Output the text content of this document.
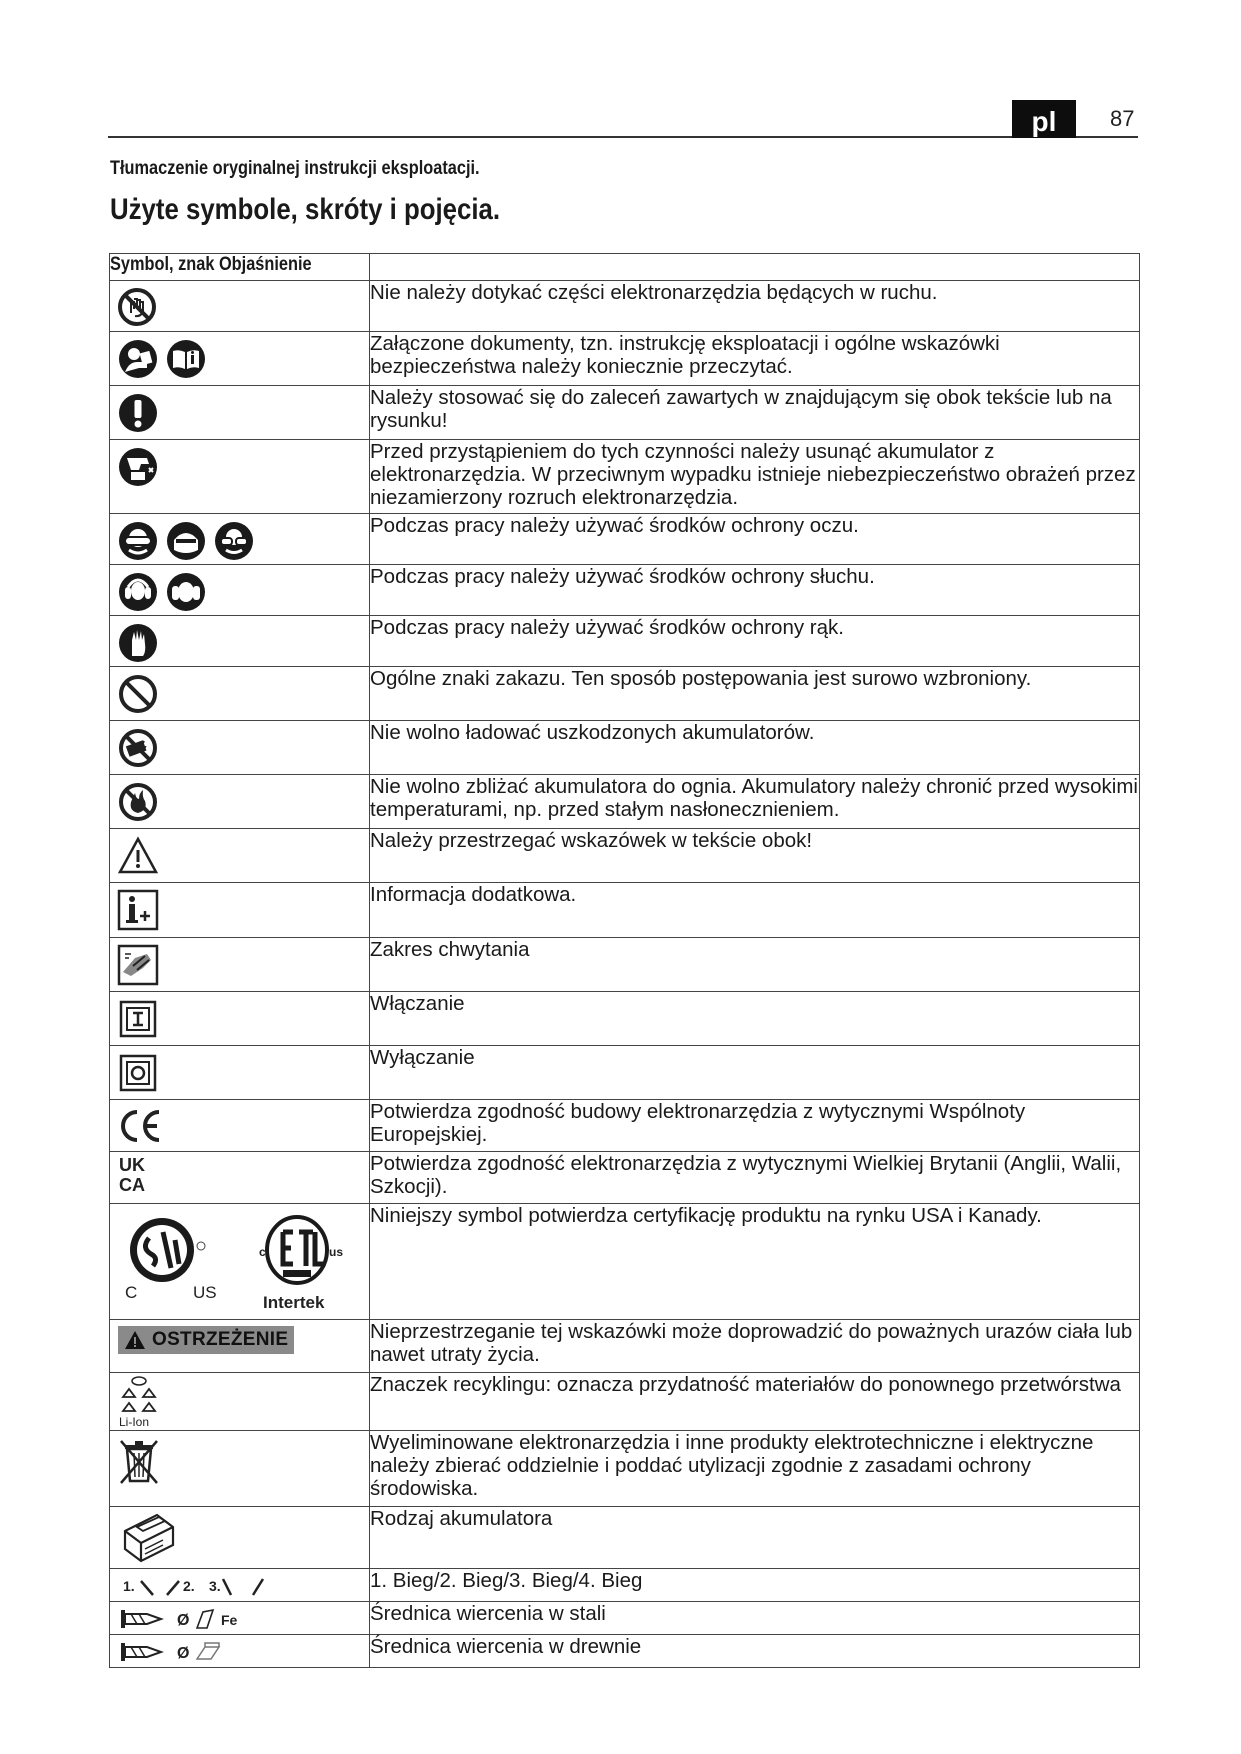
pl	87
Tłumaczenie oryginalnej instrukcji eksploatacji.
Użyte symbole, skróty i pojęcia.
Symbol, znak Objaśnienie	

	Nie należy dotykać części elektronarzędzia będących w ruchu.

	Załączone dokumenty, tzn. instrukcję eksploatacji i ogólne wskazówki bezpieczeństwa należy koniecznie przeczytać.

	Należy stosować się do zaleceń zawartych w znajdującym się obok tekście lub na rysunku!

	Przed przystąpieniem do tych czynności należy usunąć akumulator z elektronarzędzia. W przeciwnym wypadku istnieje niebezpieczeństwo obrażeń przez niezamierzony rozruch elektronarzędzia.

	Podczas pracy należy używać środków ochrony oczu.

	Podczas pracy należy używać środków ochrony słuchu.

	Podczas pracy należy używać środków ochrony rąk.

	Ogólne znaki zakazu. Ten sposób postępowania jest surowo wzbroniony.

	Nie wolno ładować uszkodzonych akumulatorów.

	Nie wolno zbliżać akumulatora do ognia. Akumulatory należy chronić przed wysokimi temperaturami, np. przed stałym nasłonecznieniem.

	Należy przestrzegać wskazówek w tekście obok!

	Informacja dodatkowa.

	Zakres chwytania

	Włączanie

	Wyłączanie

	Potwierdza zgodność budowy elektronarzędzia z wytycznymi Wspólnoty Europejskiej.

UK
CA	Potwierdza zgodność elektronarzędzia z wytycznymi Wielkiej Brytanii (Anglii, Walii, Szkocji).

C US
c us
Intertek	Niniejszy symbol potwierdza certyfikację produktu na rynku USA i Kanady.

OSTRZEŻENIE	Nieprzestrzeganie tej wskazówki może doprowadzić do poważnych urazów ciała lub nawet utraty życia.

Li-Ion	Znaczek recyklingu: oznacza przydatność materiałów do ponownego przetwórstwa

	Wyeliminowane elektronarzędzia i inne produkty elektrotechniczne i elektryczne należy zbierać oddzielnie i poddać utylizacji zgodnie z zasadami ochrony środowiska.

	Rodzaj akumulatora

1. 2. 3.	1. Bieg/2. Bieg/3. Bieg/4. Bieg

Ø Fe	Średnica wiercenia w stali

Ø	Średnica wiercenia w drewnie
